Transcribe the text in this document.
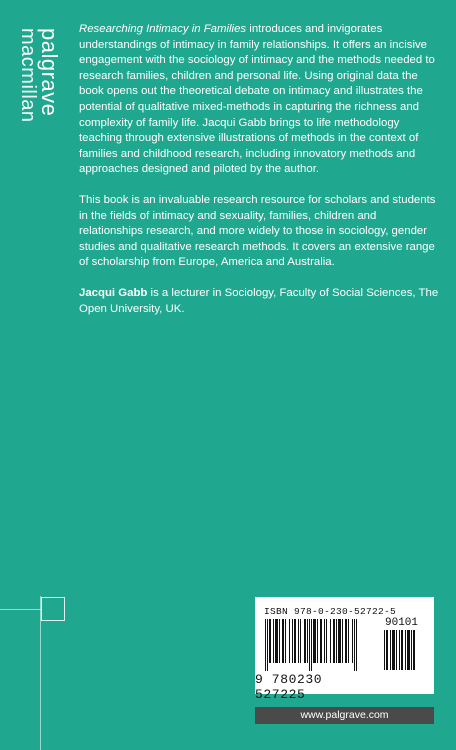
palgrave
macmillan	Researching Intimacy in Families introduces and invigorates understandings of intimacy in family relationships. It offers an incisive engagement with the sociology of intimacy and the methods needed to research families, children and personal life. Using original data the book opens out the theoretical debate on intimacy and illustrates the potential of qualitative mixed-methods in capturing the richness and complexity of family life. Jacqui Gabb brings to life methodology teaching through extensive illustrations of methods in the context of families and childhood research, including innovatory methods and approaches designed and piloted by the author.

This book is an invaluable research resource for scholars and students in the fields of intimacy and sexuality, families, children and relationships research, and more widely to those in sociology, gender studies and qualitative research methods. It covers an extensive range of scholarship from Europe, America and Australia.

Jacqui Gabb is a lecturer in Sociology, Faculty of Social Sciences, The Open University, UK.

ISBN 978-0-230-52722-5
90101
9 780230 527225
www.palgrave.com
